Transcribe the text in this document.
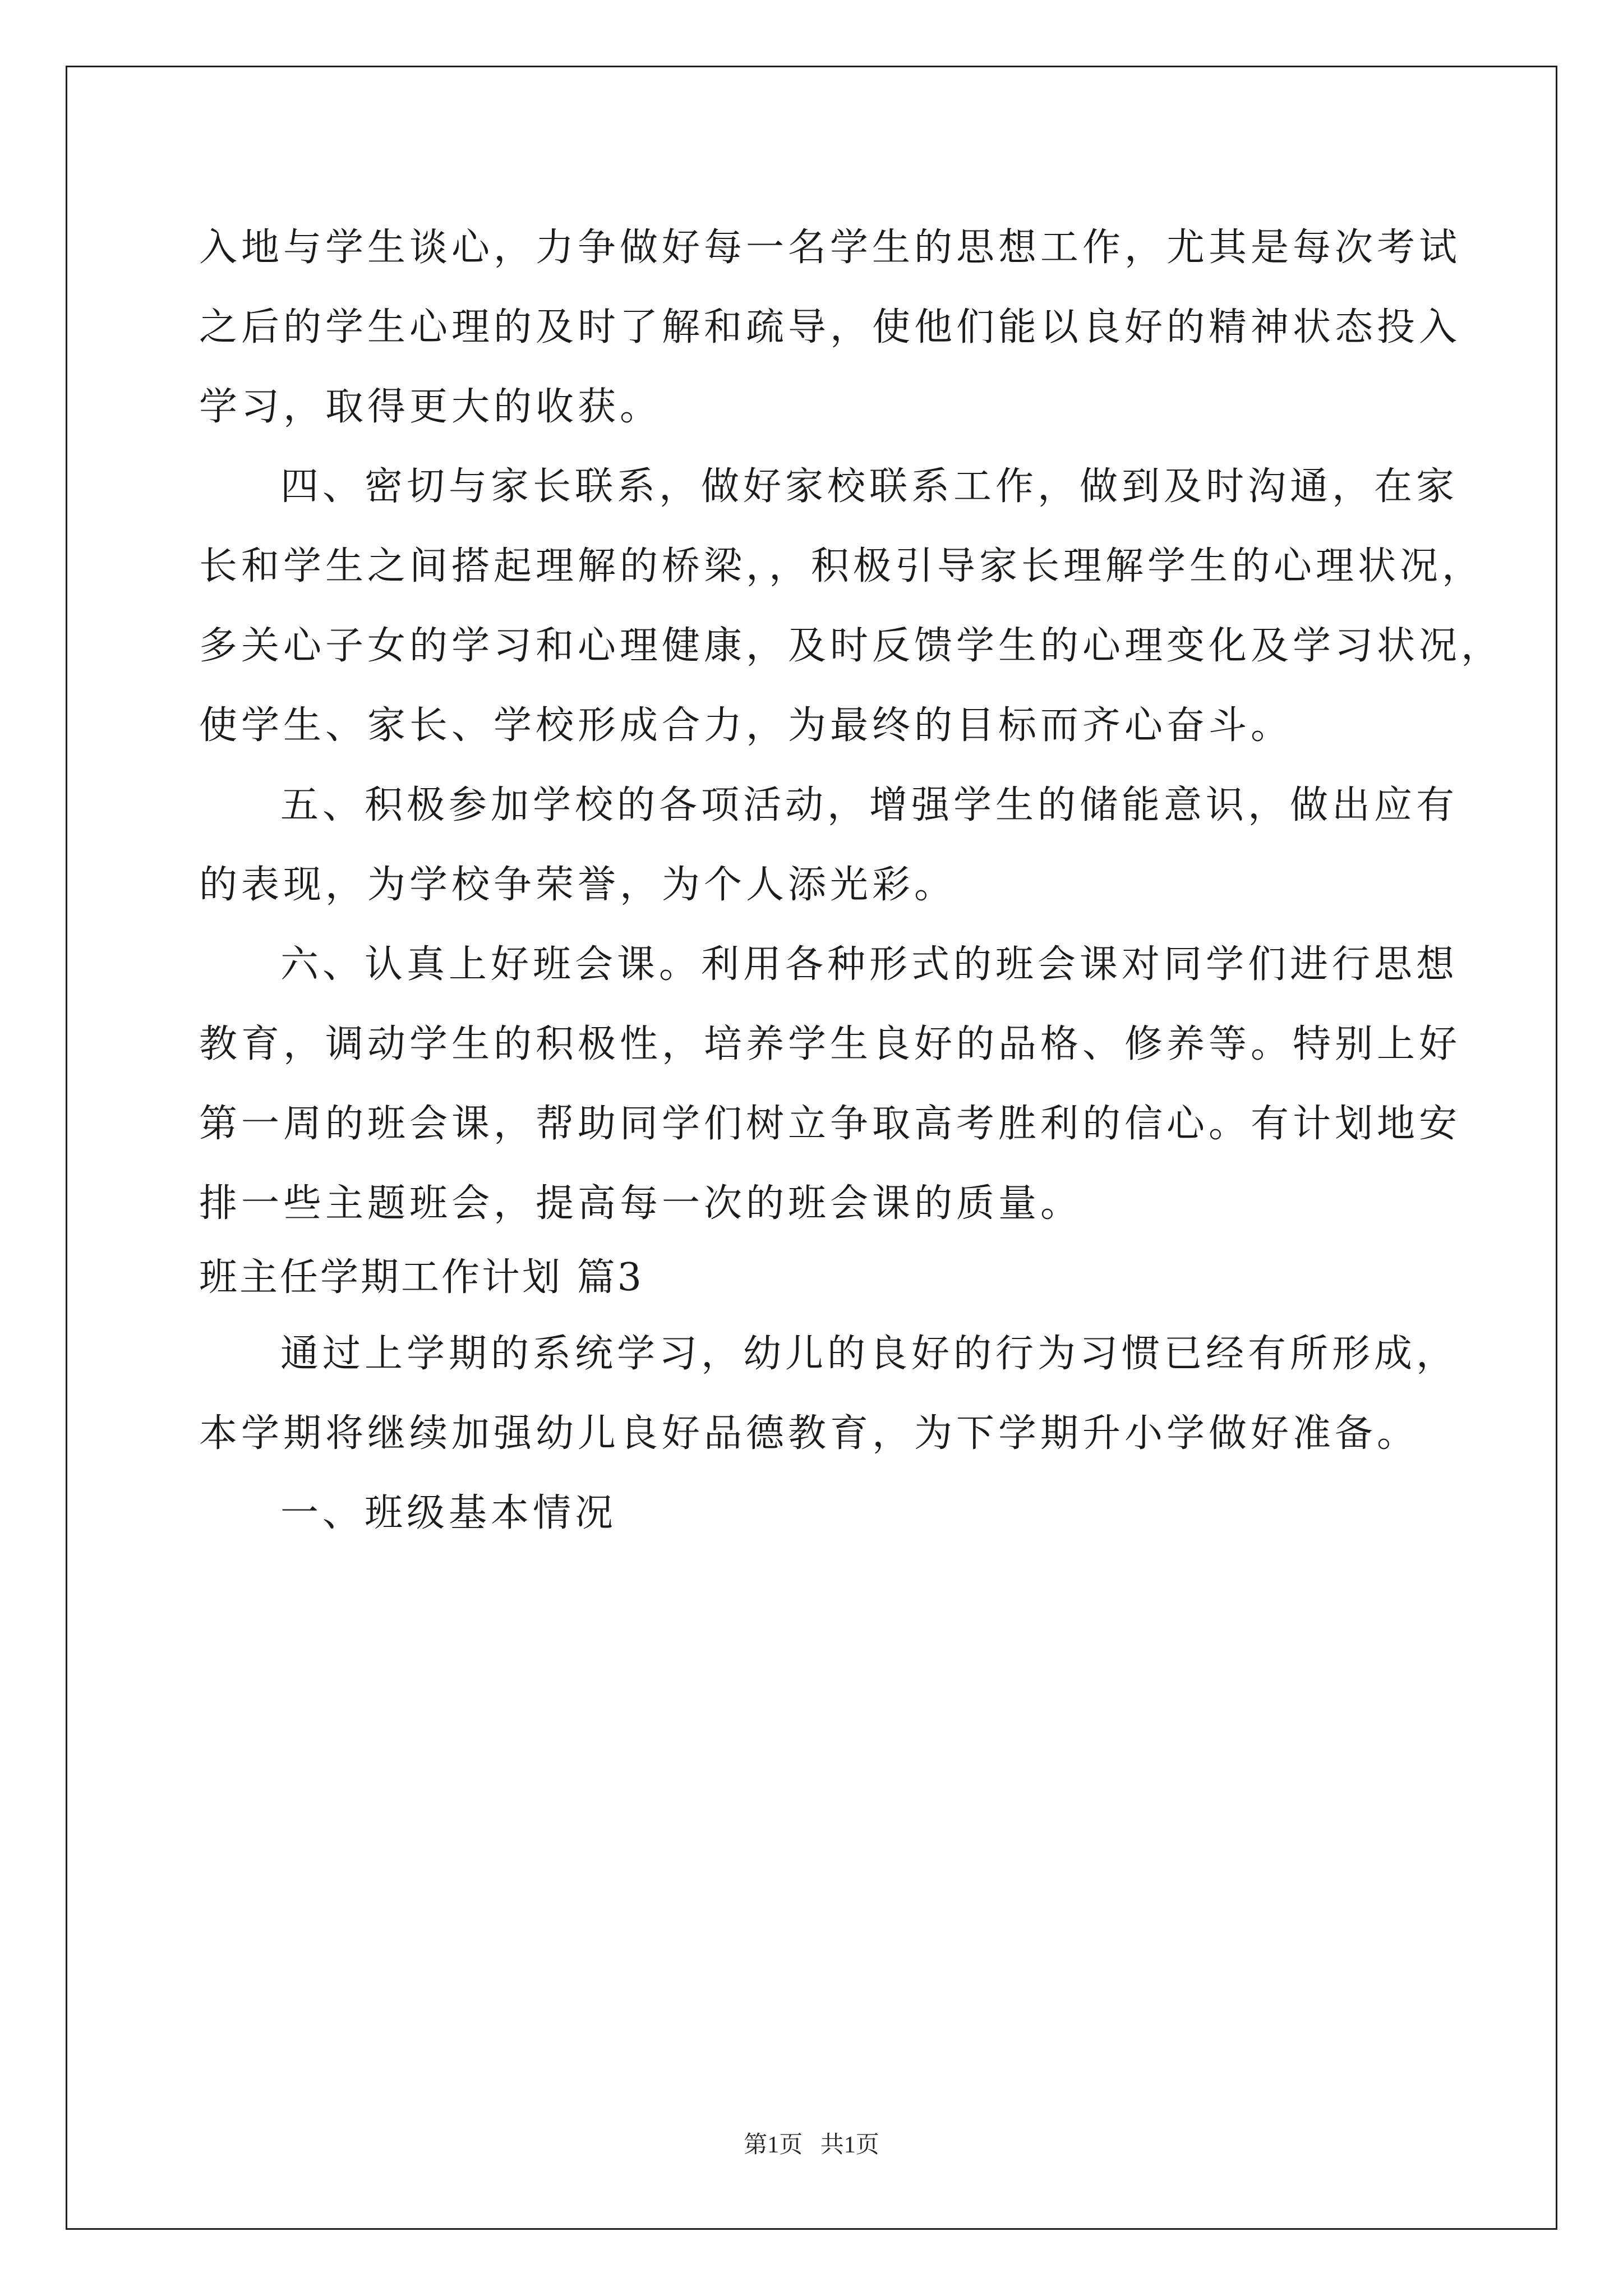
入地与学生谈心，力争做好每一名学生的思想工作，尤其是每次考试
之后的学生心理的及时了解和疏导，使他们能以良好的精神状态投入
学习，取得更大的收获。
四、密切与家长联系，做好家校联系工作，做到及时沟通，在家
长和学生之间搭起理解的桥梁，，积极引导家长理解学生的心理状况，
多关心子女的学习和心理健康，及时反馈学生的心理变化及学习状况，
使学生、家长、学校形成合力，为最终的目标而齐心奋斗。
五、积极参加学校的各项活动，增强学生的储能意识，做出应有
的表现，为学校争荣誉，为个人添光彩。
六、认真上好班会课。利用各种形式的班会课对同学们进行思想
教育，调动学生的积极性，培养学生良好的品格、修养等。特别上好
第一周的班会课，帮助同学们树立争取高考胜利的信心。有计划地安
排一些主题班会，提高每一次的班会课的质量。
班主任学期工作计划 篇3
通过上学期的系统学习，幼儿的良好的行为习惯已经有所形成，
本学期将继续加强幼儿良好品德教育，为下学期升小学做好准备。
一、班级基本情况
第1页   共1页
